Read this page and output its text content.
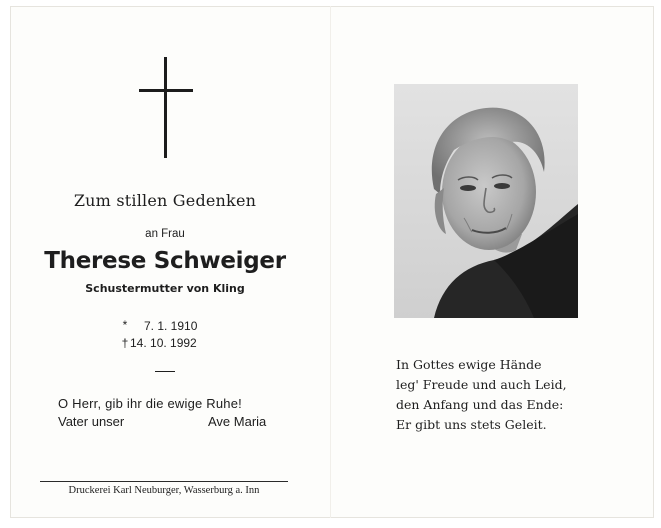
Zum stillen Gedenken
an Frau
Therese Schweiger
Schustermutter von Kling
*	7. 1. 1910
† 14. 10. 1992
O Herr, gib ihr die ewige Ruhe!
Vater unser	Ave Maria
Druckerei Karl Neuburger, Wasserburg a. Inn
In Gottes ewige Hände
leg' Freude und auch Leid,
den Anfang und das Ende:
Er gibt uns stets Geleit.
